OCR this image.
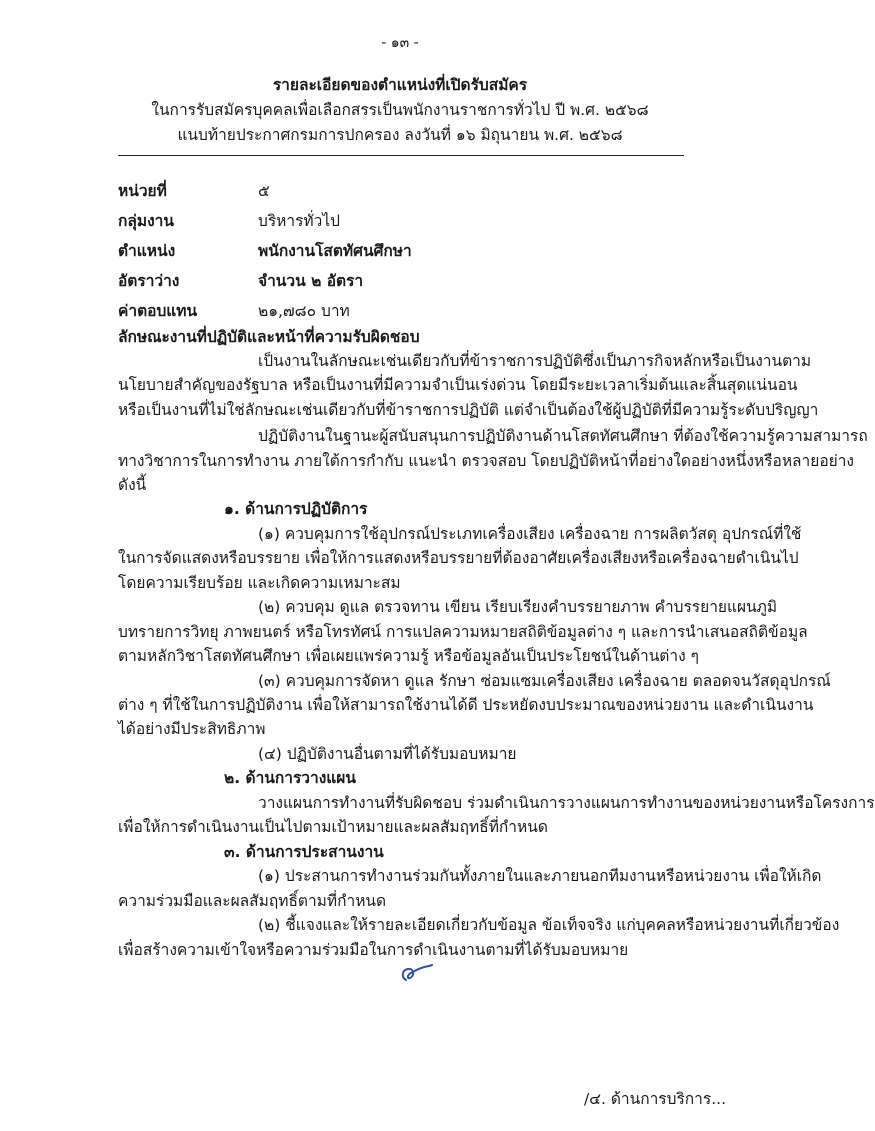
- ๑๓ -
รายละเอียดของตำแหน่งที่เปิดรับสมัคร
ในการรับสมัครบุคคลเพื่อเลือกสรรเป็นพนักงานราชการทั่วไป ปี พ.ศ. ๒๕๖๘
แนบท้ายประกาศกรมการปกครอง ลงวันที่ ๑๖ มิถุนายน พ.ศ. ๒๕๖๘
หน่วยที่	๕
กลุ่มงาน	บริหารทั่วไป
ตำแหน่ง	พนักงานโสตทัศนศึกษา
อัตราว่าง	จำนวน ๒ อัตรา
ค่าตอบแทน	๒๑,๗๘๐ บาท
ลักษณะงานที่ปฏิบัติและหน้าที่ความรับผิดชอบ
เป็นงานในลักษณะเช่นเดียวกับที่ข้าราชการปฏิบัติซึ่งเป็นภารกิจหลักหรือเป็นงานตาม
นโยบายสำคัญของรัฐบาล หรือเป็นงานที่มีความจำเป็นเร่งด่วน โดยมีระยะเวลาเริ่มต้นและสิ้นสุดแน่นอน
หรือเป็นงานที่ไม่ใช่ลักษณะเช่นเดียวกับที่ข้าราชการปฏิบัติ แต่จำเป็นต้องใช้ผู้ปฏิบัติที่มีความรู้ระดับปริญญา
ปฏิบัติงานในฐานะผู้สนับสนุนการปฏิบัติงานด้านโสตทัศนศึกษา ที่ต้องใช้ความรู้ความสามารถ
ทางวิชาการในการทำงาน ภายใต้การกำกับ แนะนำ ตรวจสอบ โดยปฏิบัติหน้าที่อย่างใดอย่างหนึ่งหรือหลายอย่าง
ดังนี้
๑. ด้านการปฏิบัติการ
(๑) ควบคุมการใช้อุปกรณ์ประเภทเครื่องเสียง เครื่องฉาย การผลิตวัสดุ อุปกรณ์ที่ใช้
ในการจัดแสดงหรือบรรยาย เพื่อให้การแสดงหรือบรรยายที่ต้องอาศัยเครื่องเสียงหรือเครื่องฉายดำเนินไป
โดยความเรียบร้อย และเกิดความเหมาะสม
(๒) ควบคุม ดูแล ตรวจทาน เขียน เรียบเรียงคำบรรยายภาพ คำบรรยายแผนภูมิ
บทรายการวิทยุ ภาพยนตร์ หรือโทรทัศน์ การแปลความหมายสถิติข้อมูลต่าง ๆ และการนำเสนอสถิติข้อมูล
ตามหลักวิชาโสตทัศนศึกษา เพื่อเผยแพร่ความรู้ หรือข้อมูลอันเป็นประโยชน์ในด้านต่าง ๆ
(๓) ควบคุมการจัดหา ดูแล รักษา ซ่อมแซมเครื่องเสียง เครื่องฉาย ตลอดจนวัสดุอุปกรณ์
ต่าง ๆ ที่ใช้ในการปฏิบัติงาน เพื่อให้สามารถใช้งานได้ดี ประหยัดงบประมาณของหน่วยงาน และดำเนินงาน
ได้อย่างมีประสิทธิภาพ
(๔) ปฏิบัติงานอื่นตามที่ได้รับมอบหมาย
๒. ด้านการวางแผน
วางแผนการทำงานที่รับผิดชอบ ร่วมดำเนินการวางแผนการทำงานของหน่วยงานหรือโครงการ
เพื่อให้การดำเนินงานเป็นไปตามเป้าหมายและผลสัมฤทธิ์ที่กำหนด
๓. ด้านการประสานงาน
(๑) ประสานการทำงานร่วมกันทั้งภายในและภายนอกทีมงานหรือหน่วยงาน เพื่อให้เกิด
ความร่วมมือและผลสัมฤทธิ์ตามที่กำหนด
(๒) ชี้แจงและให้รายละเอียดเกี่ยวกับข้อมูล ข้อเท็จจริง แก่บุคคลหรือหน่วยงานที่เกี่ยวข้อง
เพื่อสร้างความเข้าใจหรือความร่วมมือในการดำเนินงานตามที่ได้รับมอบหมาย
/๔. ด้านการบริการ...
